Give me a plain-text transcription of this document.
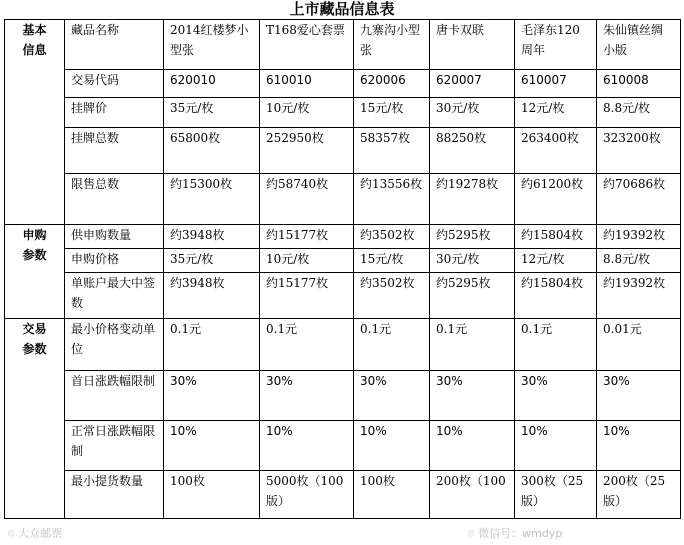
上市藏品信息表
基本
信息	藏品名称	2014红楼梦小型张	T168爱心套票	九寨沟小型张	唐卡双联	毛泽东120周年	朱仙镇丝绸小版
	交易代码	620010	610010	620006	620007	610007	610008
	挂牌价	35元/枚	10元/枚	15元/枚	30元/枚	12元/枚	8.8元/枚
	挂牌总数	65800枚	252950枚	58357枚	88250枚	263400枚	323200枚
	限售总数	约15300枚	约58740枚	约13556枚	约19278枚	约61200枚	约70686枚
申购
参数	供申购数量	约3948枚	约15177枚	约3502枚	约5295枚	约15804枚	约19392枚
	申购价格	35元/枚	10元/枚	15元/枚	30元/枚	12元/枚	8.8元/枚
	单账户最大中签数	约3948枚	约15177枚	约3502枚	约5295枚	约15804枚	约19392枚
交易
参数	最小价格变动单位	0.1元	0.1元	0.1元	0.1元	0.1元	0.01元
	首日涨跌幅限制	30%	30%	30%	30%	30%	30%
	正常日涨跌幅限制	10%	10%	10%	10%	10%	10%
	最小提货数量	100枚	5000枚（100版）	100枚	200枚（100	300枚（25版）	200枚（25版）
⌾ 大众邮票	⌾ 微信号：wmdyp
